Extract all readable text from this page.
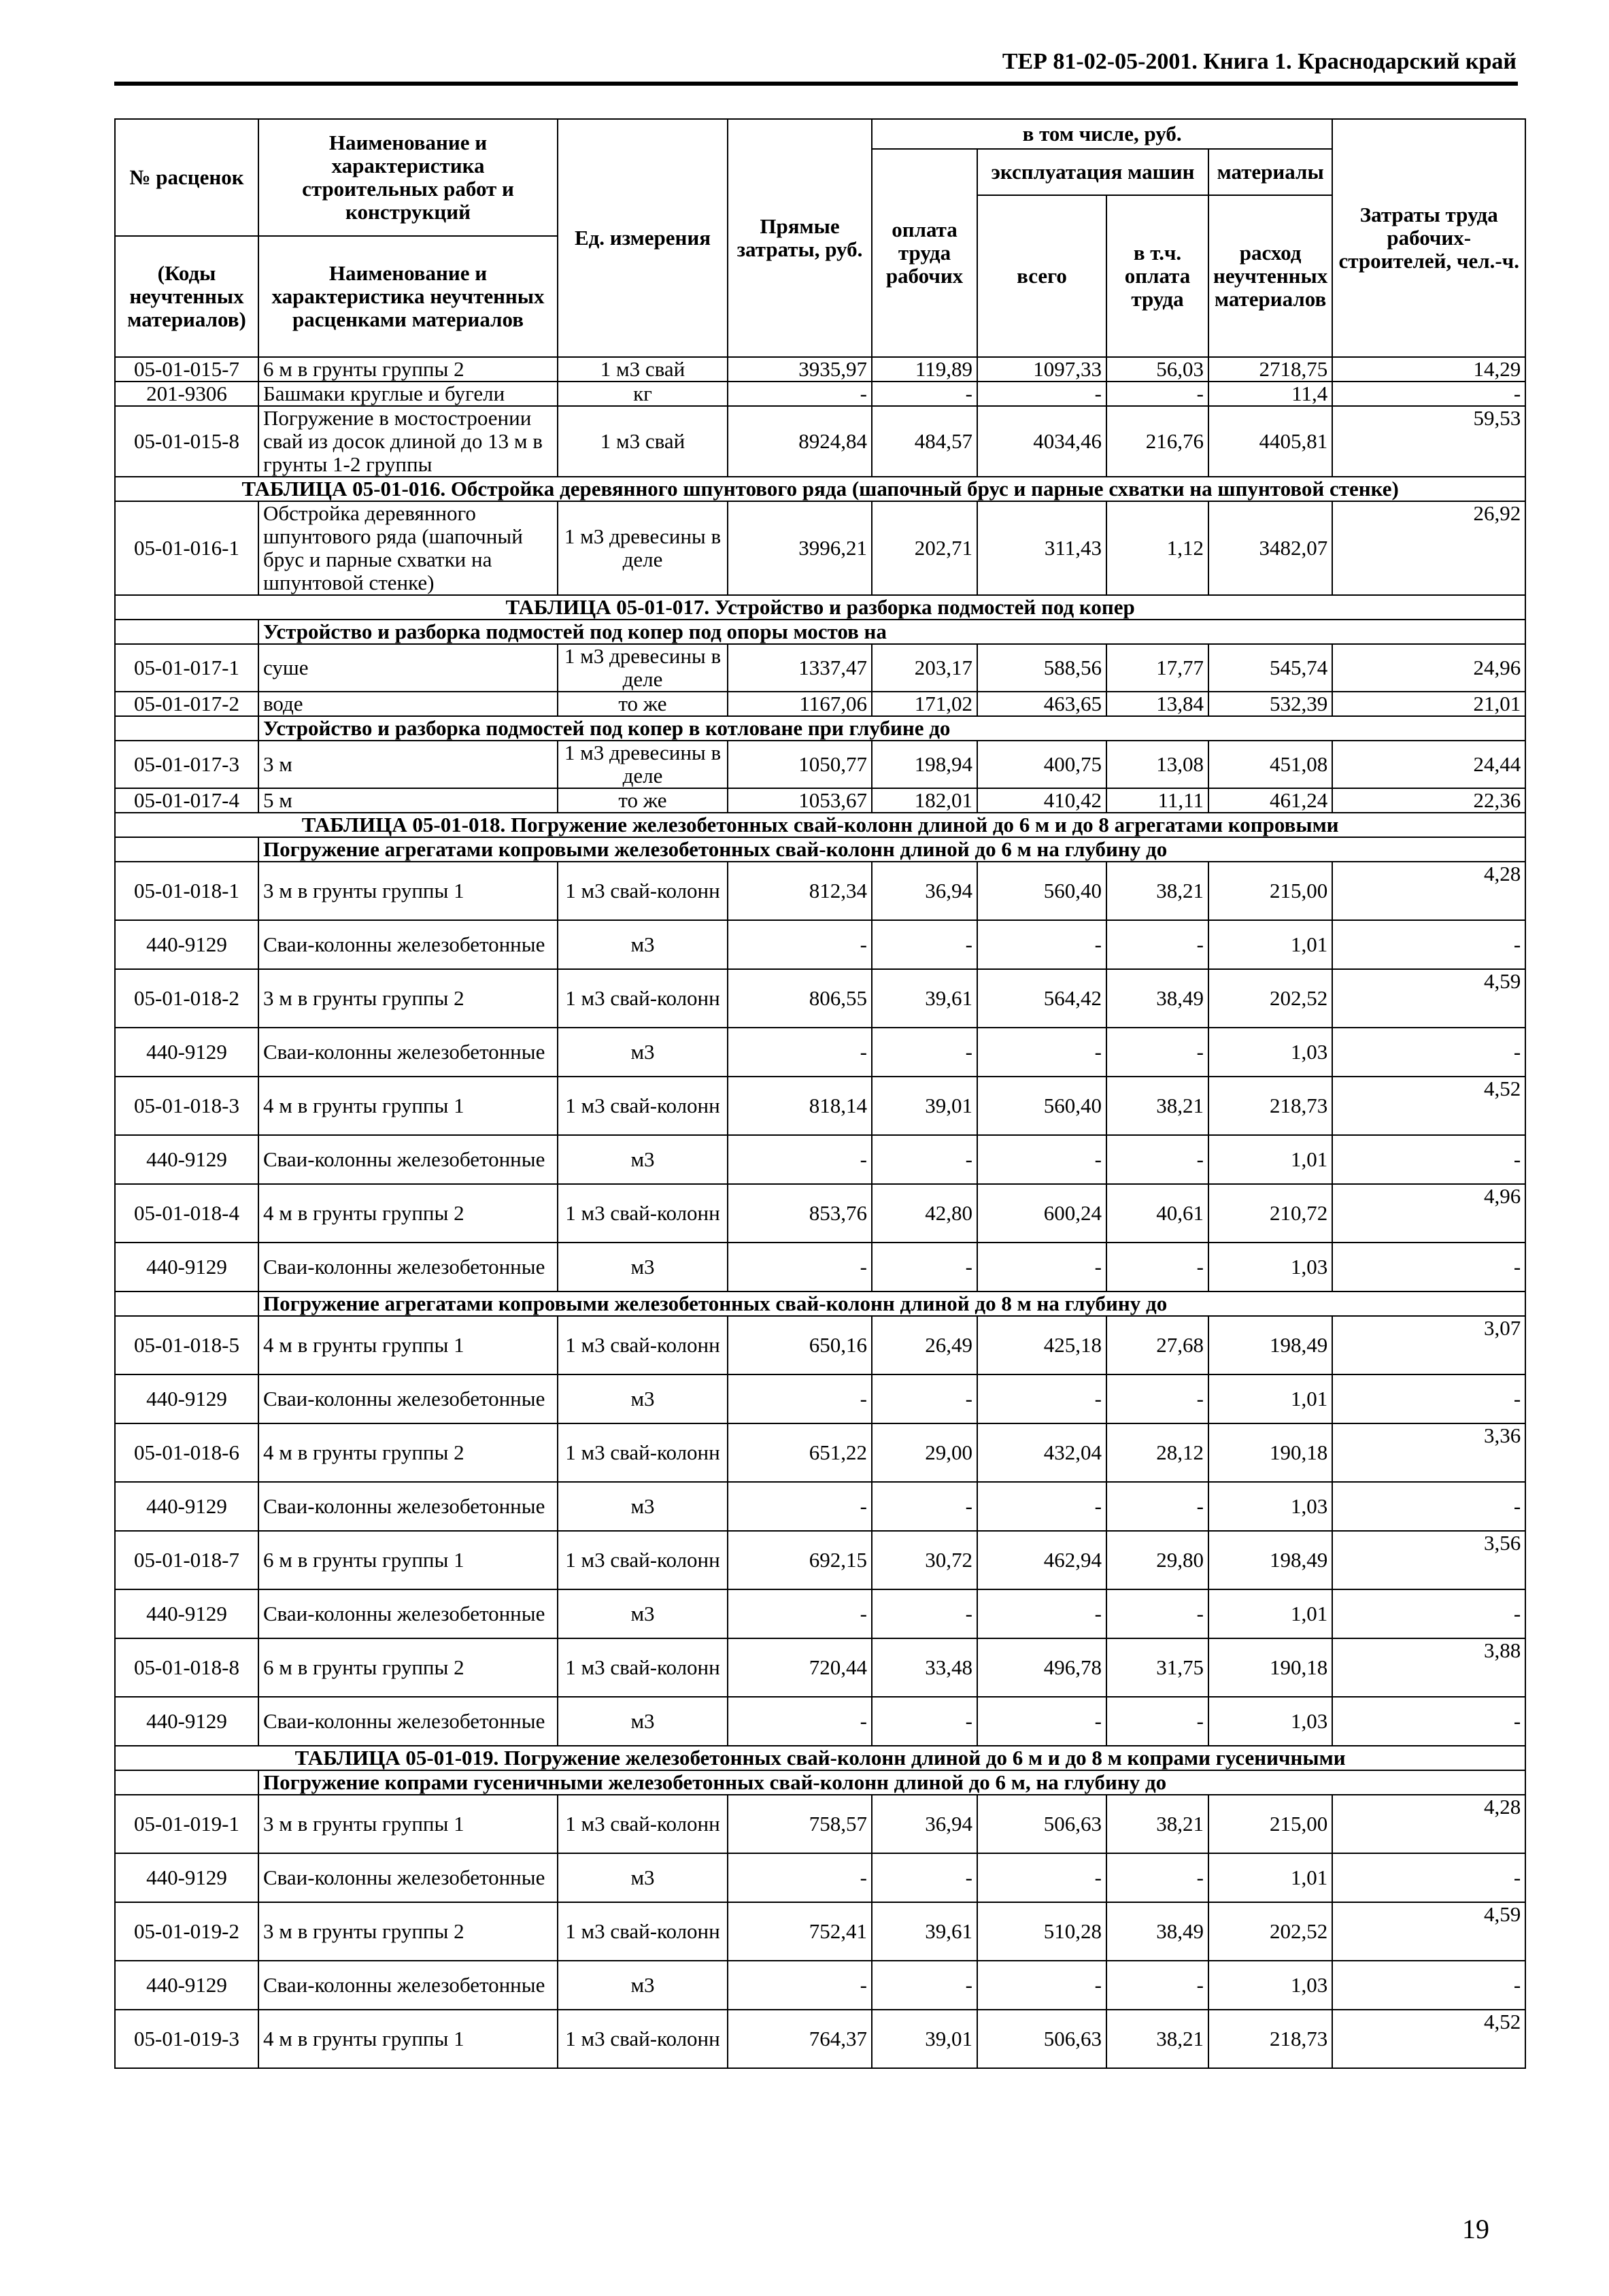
ТЕР 81-02-05-2001. Книга 1. Краснодарский край
№ расценок	Наименование и характеристика строительных работ и конструкций	Ед. измерения	Прямые затраты, руб.	в том числе, руб.				Затраты труда рабочих-строителей, чел.-ч.
				оплата труда рабочих	эксплуатация машин		материалы	
					всего	в т.ч. оплата труда	расход неучтенных материалов	
(Коды неучтенных материалов)	Наименование и характеристика неучтенных расценками материалов							

05-01-015-7	6 м в грунты группы 2	1 м3 свай	3935,97	119,89	1097,33	56,03	2718,75	14,29
201-9306	Башмаки круглые и бугели	кг	-	-	-	-	11,4	-
05-01-015-8	Погружение в мостостроении свай из досок длиной до 13 м в грунты 1-2 группы	1 м3 свай	8924,84	484,57	4034,46	216,76	4405,81	59,53
ТАБЛИЦА 05-01-016. Обстройка деревянного шпунтового ряда (шапочный брус и парные схватки на шпунтовой стенке)								
05-01-016-1	Обстройка деревянного шпунтового ряда (шапочный брус и парные схватки на шпунтовой стенке)	1 м3 древесины в деле	3996,21	202,71	311,43	1,12	3482,07	26,92
ТАБЛИЦА 05-01-017. Устройство и разборка подмостей под копер								
	Устройство и разборка подмостей под копер под опоры мостов на							
05-01-017-1	суше	1 м3 древесины в деле	1337,47	203,17	588,56	17,77	545,74	24,96
05-01-017-2	воде	то же	1167,06	171,02	463,65	13,84	532,39	21,01
	Устройство и разборка подмостей под копер в котловане при глубине до							
05-01-017-3	3 м	1 м3 древесины в деле	1050,77	198,94	400,75	13,08	451,08	24,44
05-01-017-4	5 м	то же	1053,67	182,01	410,42	11,11	461,24	22,36
ТАБЛИЦА 05-01-018. Погружение железобетонных свай-колонн длиной до 6 м и до 8 агрегатами копровыми								
	Погружение агрегатами копровыми железобетонных свай-колонн длиной до 6 м на глубину до							
05-01-018-1	3 м в грунты группы 1	1 м3 свай-колонн	812,34	36,94	560,40	38,21	215,00	4,28
440-9129	Сваи-колонны железобетонные	м3	-	-	-	-	1,01	-
05-01-018-2	3 м в грунты группы 2	1 м3 свай-колонн	806,55	39,61	564,42	38,49	202,52	4,59
440-9129	Сваи-колонны железобетонные	м3	-	-	-	-	1,03	-
05-01-018-3	4 м в грунты группы 1	1 м3 свай-колонн	818,14	39,01	560,40	38,21	218,73	4,52
440-9129	Сваи-колонны железобетонные	м3	-	-	-	-	1,01	-
05-01-018-4	4 м в грунты группы 2	1 м3 свай-колонн	853,76	42,80	600,24	40,61	210,72	4,96
440-9129	Сваи-колонны железобетонные	м3	-	-	-	-	1,03	-
	Погружение агрегатами копровыми железобетонных свай-колонн длиной до 8 м на глубину до							
05-01-018-5	4 м в грунты группы 1	1 м3 свай-колонн	650,16	26,49	425,18	27,68	198,49	3,07
440-9129	Сваи-колонны железобетонные	м3	-	-	-	-	1,01	-
05-01-018-6	4 м в грунты группы 2	1 м3 свай-колонн	651,22	29,00	432,04	28,12	190,18	3,36
440-9129	Сваи-колонны железобетонные	м3	-	-	-	-	1,03	-
05-01-018-7	6 м в грунты группы 1	1 м3 свай-колонн	692,15	30,72	462,94	29,80	198,49	3,56
440-9129	Сваи-колонны железобетонные	м3	-	-	-	-	1,01	-
05-01-018-8	6 м в грунты группы 2	1 м3 свай-колонн	720,44	33,48	496,78	31,75	190,18	3,88
440-9129	Сваи-колонны железобетонные	м3	-	-	-	-	1,03	-
ТАБЛИЦА 05-01-019. Погружение железобетонных свай-колонн длиной до 6 м и до 8 м копрами гусеничными								
	Погружение копрами гусеничными железобетонных свай-колонн длиной до 6 м, на глубину до							
05-01-019-1	3 м в грунты группы 1	1 м3 свай-колонн	758,57	36,94	506,63	38,21	215,00	4,28
440-9129	Сваи-колонны железобетонные	м3	-	-	-	-	1,01	-
05-01-019-2	3 м в грунты группы 2	1 м3 свай-колонн	752,41	39,61	510,28	38,49	202,52	4,59
440-9129	Сваи-колонны железобетонные	м3	-	-	-	-	1,03	-
05-01-019-3	4 м в грунты группы 1	1 м3 свай-колонн	764,37	39,01	506,63	38,21	218,73	4,52
19
